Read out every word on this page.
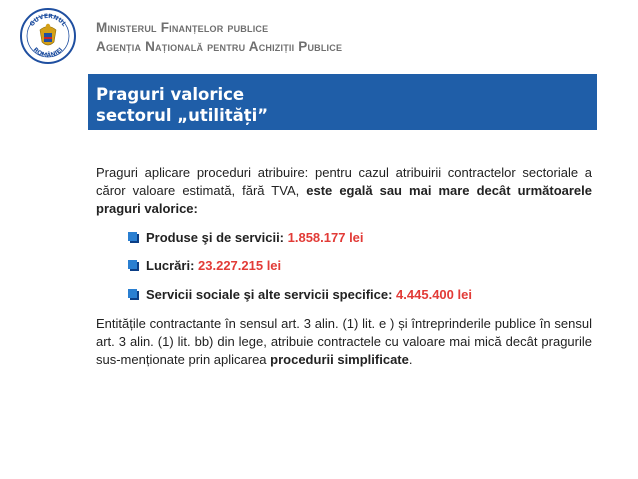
GUVERNUL
ROMÂNIEI
Ministerul Finanțelor publice
Agenția Națională pentru Achiziții Publice
Praguri valorice
sectorul „utilități”
Praguri aplicare proceduri atribuire: pentru cazul atribuirii contractelor sectoriale a căror valoare estimată, fără TVA, este egală sau mai mare decât următoarele praguri valorice:
Produse şi de servicii: 1.858.177 lei
Lucrări: 23.227.215 lei
Servicii sociale şi alte servicii specifice: 4.445.400 lei
Entitățile contractante în sensul art. 3 alin. (1) lit. e ) și întreprinderile publice în sensul art. 3 alin. (1) lit. bb) din lege, atribuie contractele cu valoare mai mică decât pragurile sus-menționate prin aplicarea procedurii simplificate.
